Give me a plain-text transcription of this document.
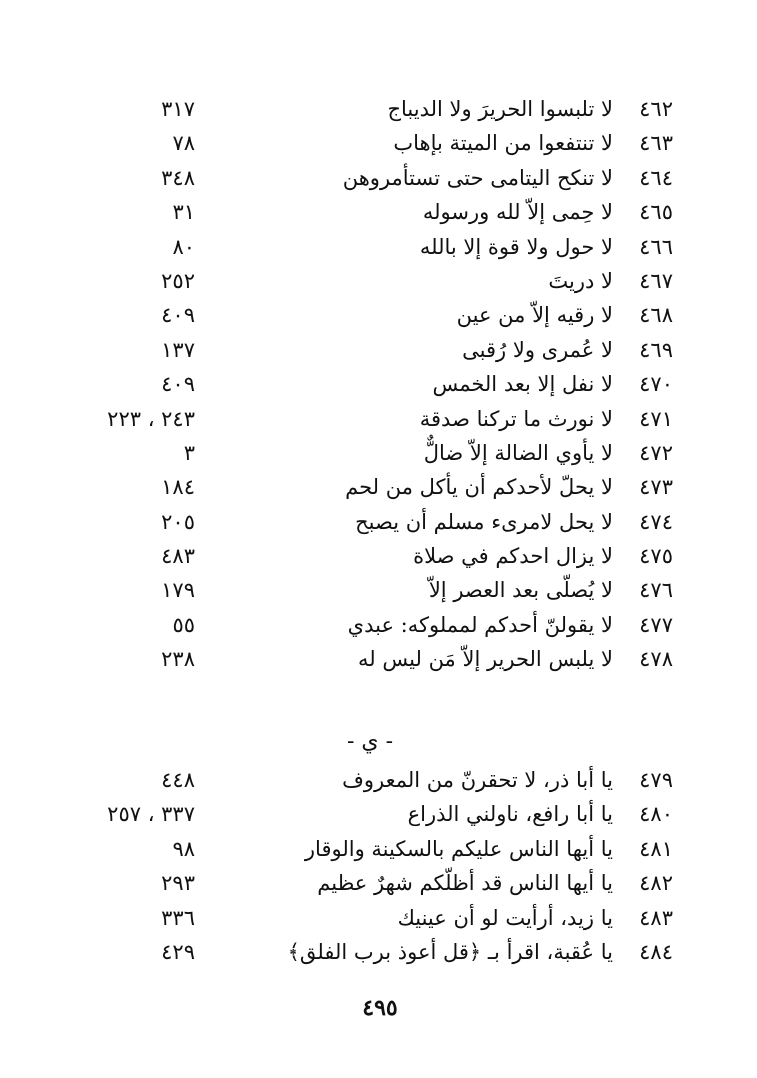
٤٦٢
لا تلبسوا الحريرَ ولا الديباج
٣١٧
٤٦٣
لا تنتفعوا من الميتة بإهاب
٧٨
٤٦٤
لا تنكح اليتامى حتى تستأمروهن
٣٤٨
٤٦٥
لا حِمى إلاّ لله ورسوله
٣١
٤٦٦
لا حول ولا قوة إلا بالله
٨٠
٤٦٧
لا دريتَ
٢٥٢
٤٦٨
لا رقيه إلاّ من عين
٤٠٩
٤٦٩
لا عُمرى ولا رُقبى
١٣٧
٤٧٠
لا نفل إلا بعد الخمس
٤٠٩
٤٧١
لا نورث ما تركنا صدقة
٢٤٣ ، ٢٢٣
٤٧٢
لا يأوي الضالة إلاّ ضالٌّ
٣
٤٧٣
لا يحلّ لأحدكم أن يأكل من لحم
١٨٤
٤٧٤
لا يحل لامرىء مسلم أن يصبح
٢٠٥
٤٧٥
لا يزال احدكم في صلاة
٤٨٣
٤٧٦
لا يُصلّى بعد العصر إلاّ
١٧٩
٤٧٧
لا يقولنّ أحدكم لمملوكه: عبدي
٥٥
٤٧٨
لا يلبس الحرير إلاّ مَن ليس له
٢٣٨
- ي -
٤٧٩
يا أبا ذر، لا تحقرنّ من المعروف
٤٤٨
٤٨٠
يا أبا رافع، ناولني الذراع
٣٣٧ ، ٢٥٧
٤٨١
يا أيها الناس عليكم بالسكينة والوقار
٩٨
٤٨٢
يا أيها الناس قد أظلّكم شهرٌ عظيم
٢٩٣
٤٨٣
يا زيد، أرأيت لو أن عينيك
٣٣٦
٤٨٤
يا عُقبة، اقرأ بـ ﴿قل أعوذ برب الفلق﴾
٤٢٩
٤٩٥
